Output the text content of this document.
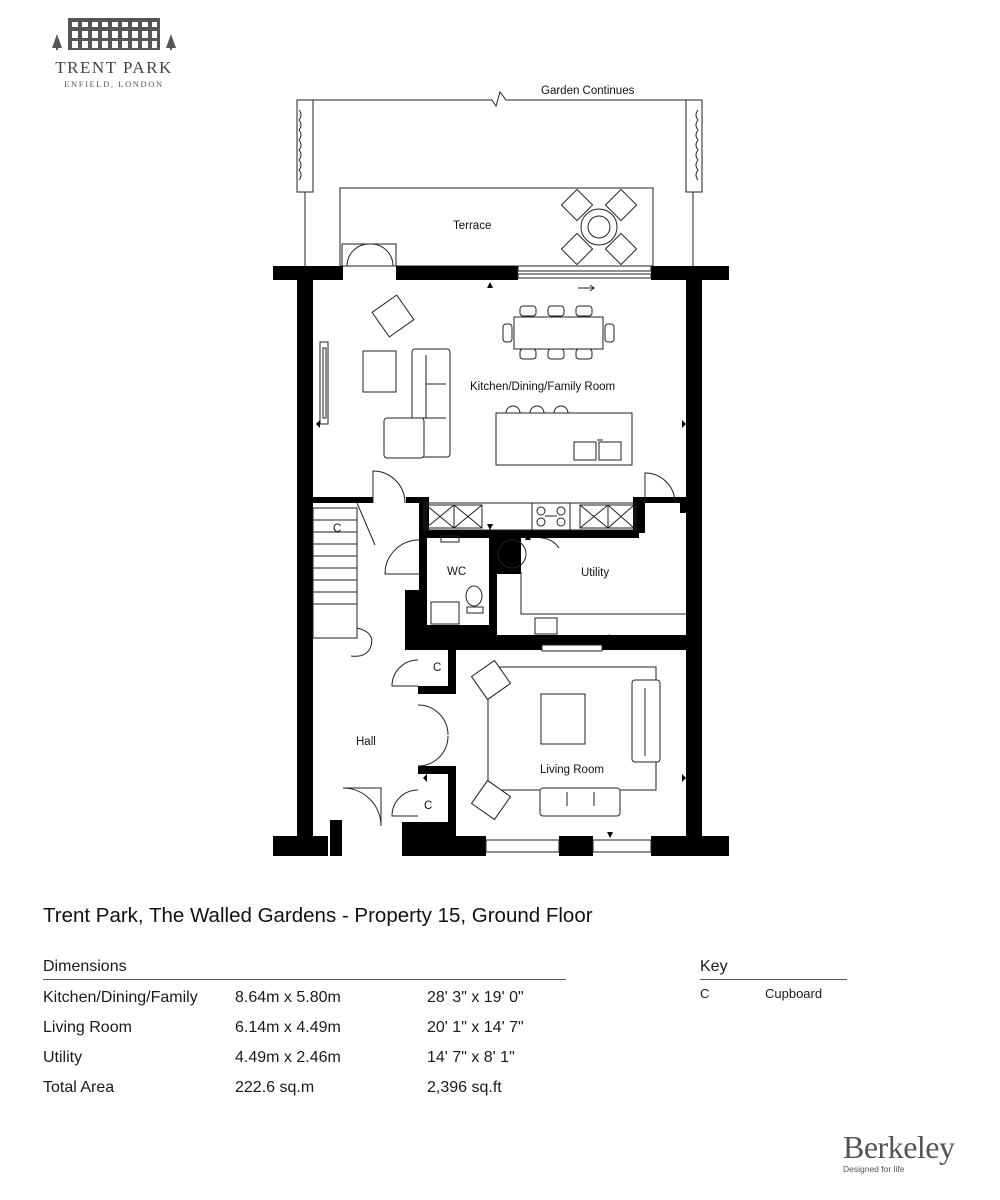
TRENT PARK
ENFIELD, LONDON
Garden Continues
Terrace
Kitchen/Dining/Family Room
WC	Utility
Hall
Living Room
C
C
C
Trent Park, The Walled Gardens - Property 15, Ground Floor
Dimensions
Kitchen/Dining/Family	8.64m x 5.80m	28' 3" x 19' 0"
Living Room	6.14m x 4.49m	20' 1" x 14' 7"
Utility	4.49m x 2.46m	14' 7" x 8' 1"
Total Area	222.6 sq.m	2,396 sq.ft
Key
C	Cupboard
Berkeley
Designed for life
